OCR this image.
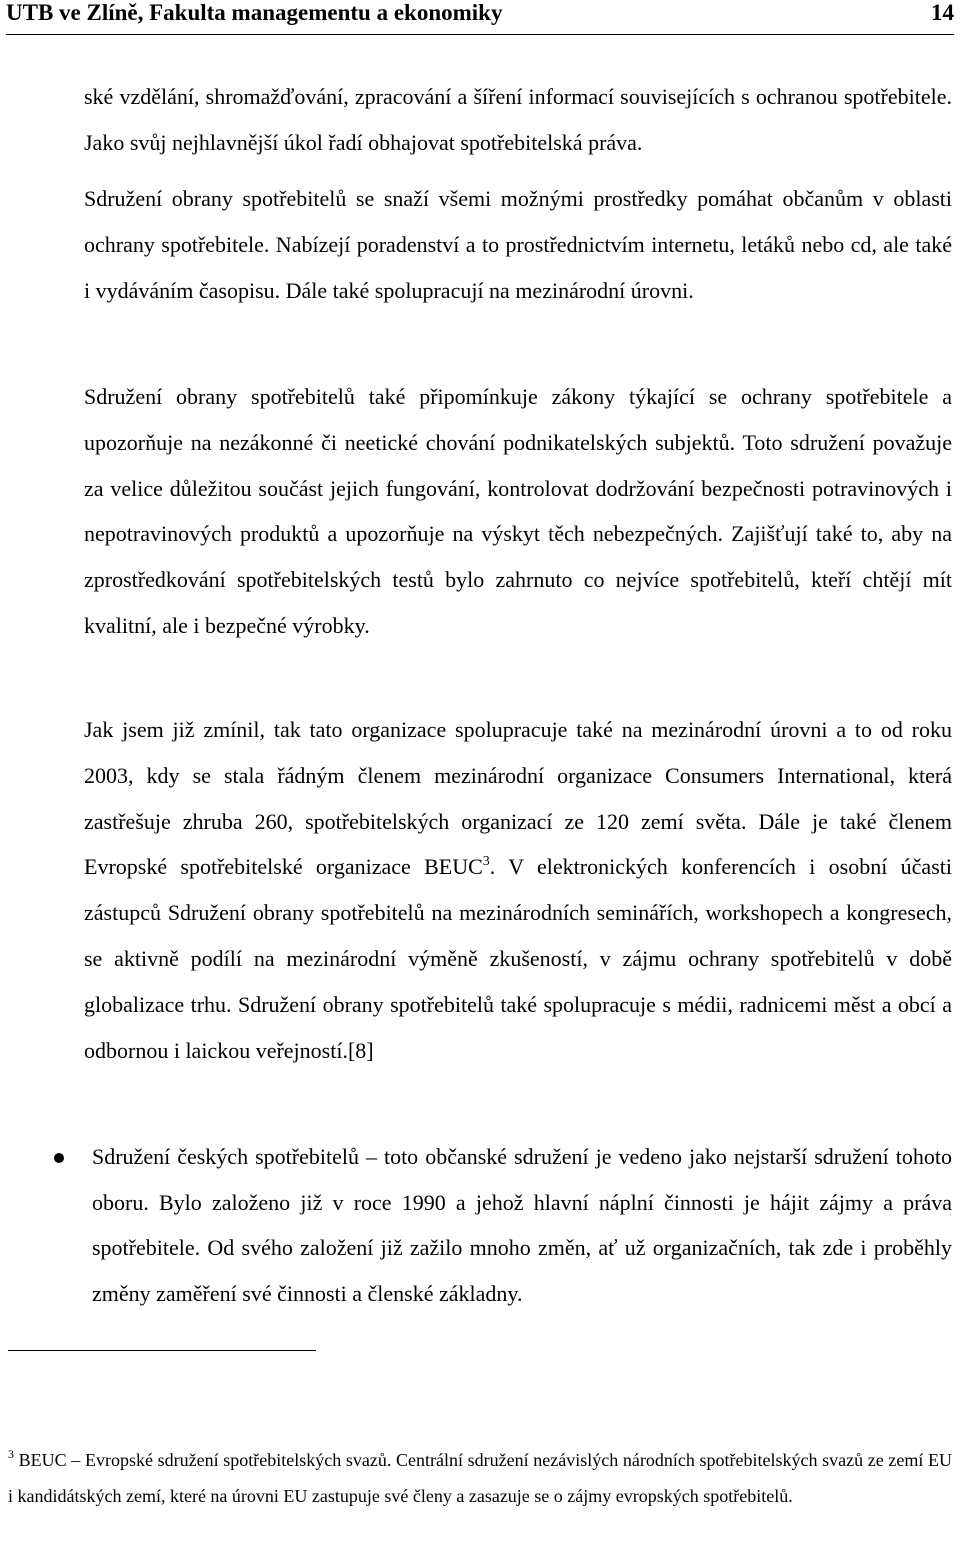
UTB ve Zlíně, Fakulta managementu a ekonomiky	14

ské vzdělání, shromažďování, zpracování a šíření informací souvisejících s ochranou spotřebitele. Jako svůj nejhlavnější úkol řadí obhajovat spotřebitelská práva.

Sdružení obrany spotřebitelů se snaží všemi možnými prostředky pomáhat občanům v oblasti ochrany spotřebitele. Nabízejí poradenství a to prostřednictvím internetu, letáků nebo cd, ale také i vydáváním časopisu. Dále také spolupracují na mezinárodní úrovni.

Sdružení obrany spotřebitelů také připomínkuje zákony týkající se ochrany spotřebitele a upozorňuje na nezákonné či neetické chování podnikatelských subjektů. Toto sdružení považuje za velice důležitou součást jejich fungování, kontrolovat dodržování bezpečnosti potravinových i nepotravinových produktů a upozorňuje na výskyt těch nebezpečných. Zajišťují také to, aby na zprostředkování spotřebitelských testů bylo zahrnuto co nejvíce spotřebitelů, kteří chtějí mít kvalitní, ale i bezpečné výrobky.

Jak jsem již zmínil, tak tato organizace spolupracuje také na mezinárodní úrovni a to od roku 2003, kdy se stala řádným členem mezinárodní organizace Consumers International, která zastřešuje zhruba 260, spotřebitelských organizací ze 120 zemí světa. Dále je také členem Evropské spotřebitelské organizace BEUC$^3$. V elektronických konferencích i osobní účasti zástupců Sdružení obrany spotřebitelů na mezinárodních seminářích, workshopech a kongresech, se aktivně podílí na mezinárodní výměně zkušeností, v zájmu ochrany spotřebitelů v době globalizace trhu. Sdružení obrany spotřebitelů také spolupracuje s médii, radnicemi měst a obcí a odbornou i laickou veřejností.[8]

Sdružení českých spotřebitelů – toto občanské sdružení je vedeno jako nejstarší sdružení tohoto oboru. Bylo založeno již v roce 1990 a jehož hlavní náplní činnosti je hájit zájmy a práva spotřebitele. Od svého založení již zažilo mnoho změn, ať už organizačních, tak zde i proběhly změny zaměření své činnosti a členské základny.

$^3$ BEUC – Evropské sdružení spotřebitelských svazů. Centrální sdružení nezávislých národních spotřebitelských svazů ze zemí EU i kandidátských zemí, které na úrovni EU zastupuje své členy a zasazuje se o zájmy evropských spotřebitelů.
